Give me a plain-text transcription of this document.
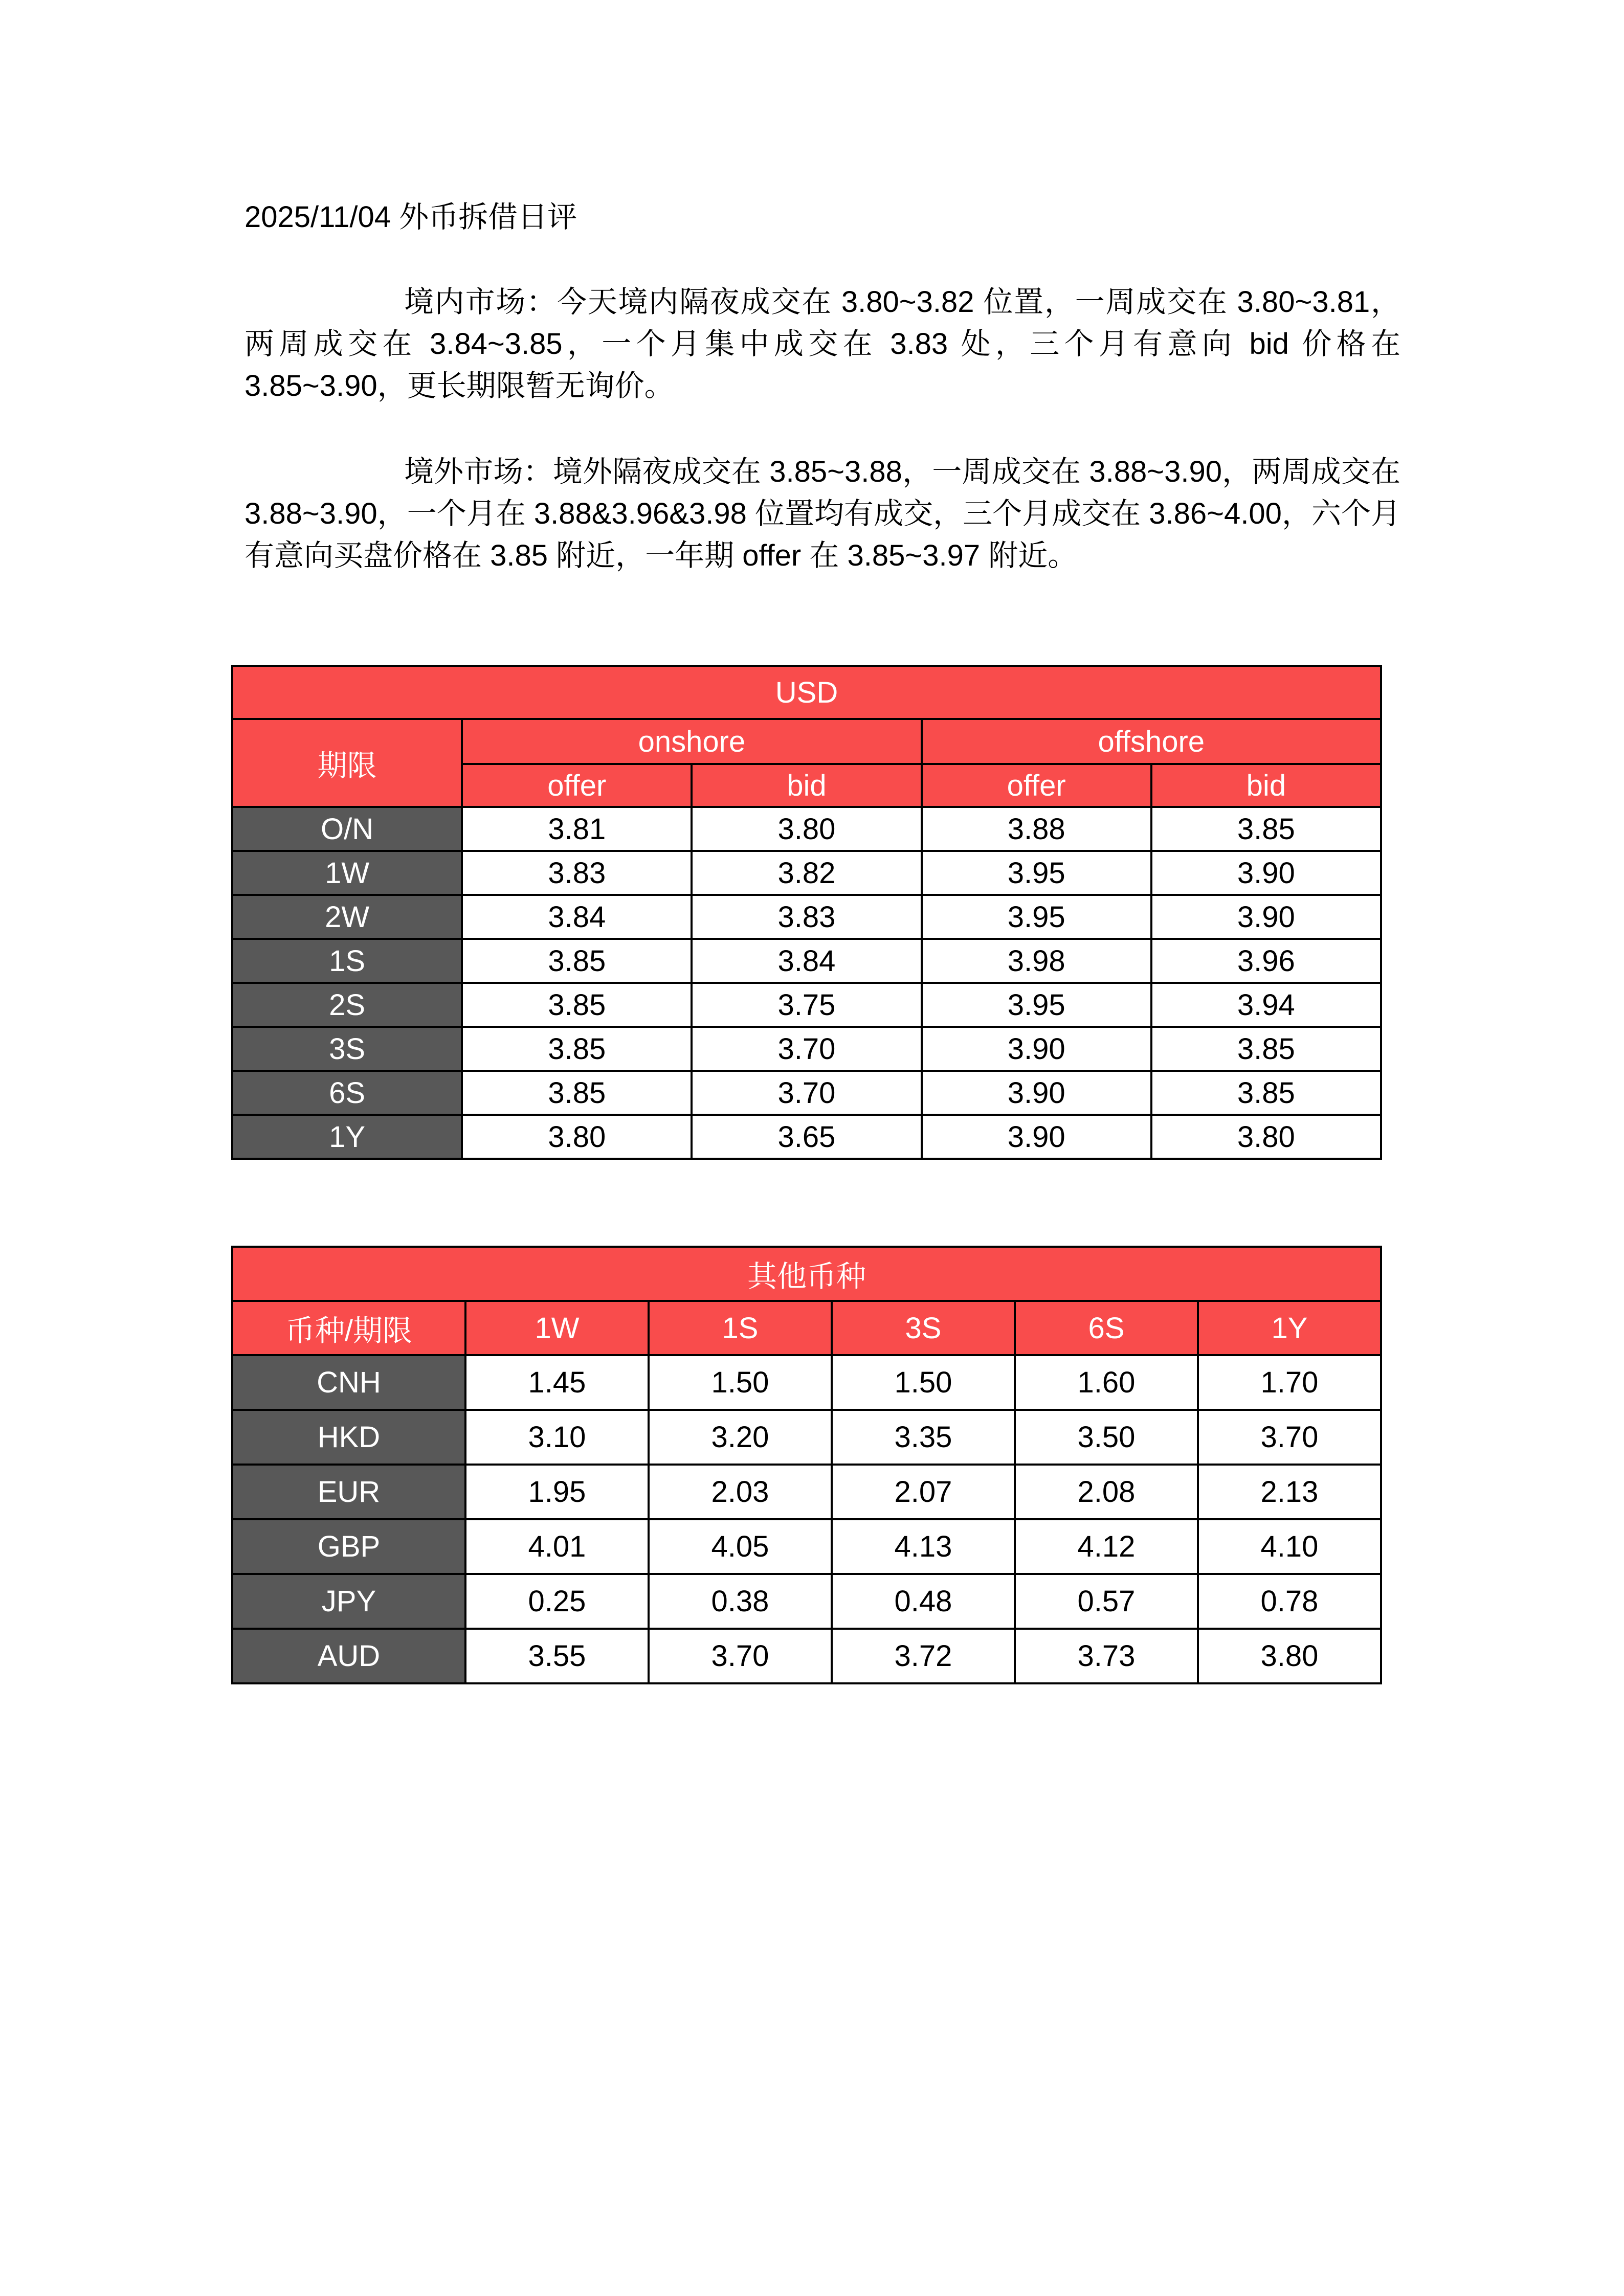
2025/11/04 外币拆借日评

境内市场：今天境内隔夜成交在 3.80~3.82 位置，一周成交在 3.80~3.81，两周成交在 3.84~3.85，一个月集中成交在 3.83 处，三个月有意向 bid 价格在 3.85~3.90，更长期限暂无询价。

境外市场：境外隔夜成交在 3.85~3.88，一周成交在 3.88~3.90，两周成交在 3.88~3.90，一个月在 3.88&3.96&3.98 位置均有成交，三个月成交在 3.86~4.00，六个月有意向买盘价格在 3.85 附近，一年期 offer 在 3.85~3.97 附近。

USD				
期限	onshore		offshore	
	offer	bid	offer	bid
O/N	3.81	3.80	3.88	3.85
1W	3.83	3.82	3.95	3.90
2W	3.84	3.83	3.95	3.90
1S	3.85	3.84	3.98	3.96
2S	3.85	3.75	3.95	3.94
3S	3.85	3.70	3.90	3.85
6S	3.85	3.70	3.90	3.85
1Y	3.80	3.65	3.90	3.80
其他币种					
币种/期限	1W	1S	3S	6S	1Y
CNH	1.45	1.50	1.50	1.60	1.70
HKD	3.10	3.20	3.35	3.50	3.70
EUR	1.95	2.03	2.07	2.08	2.13
GBP	4.01	4.05	4.13	4.12	4.10
JPY	0.25	0.38	0.48	0.57	0.78
AUD	3.55	3.70	3.72	3.73	3.80
